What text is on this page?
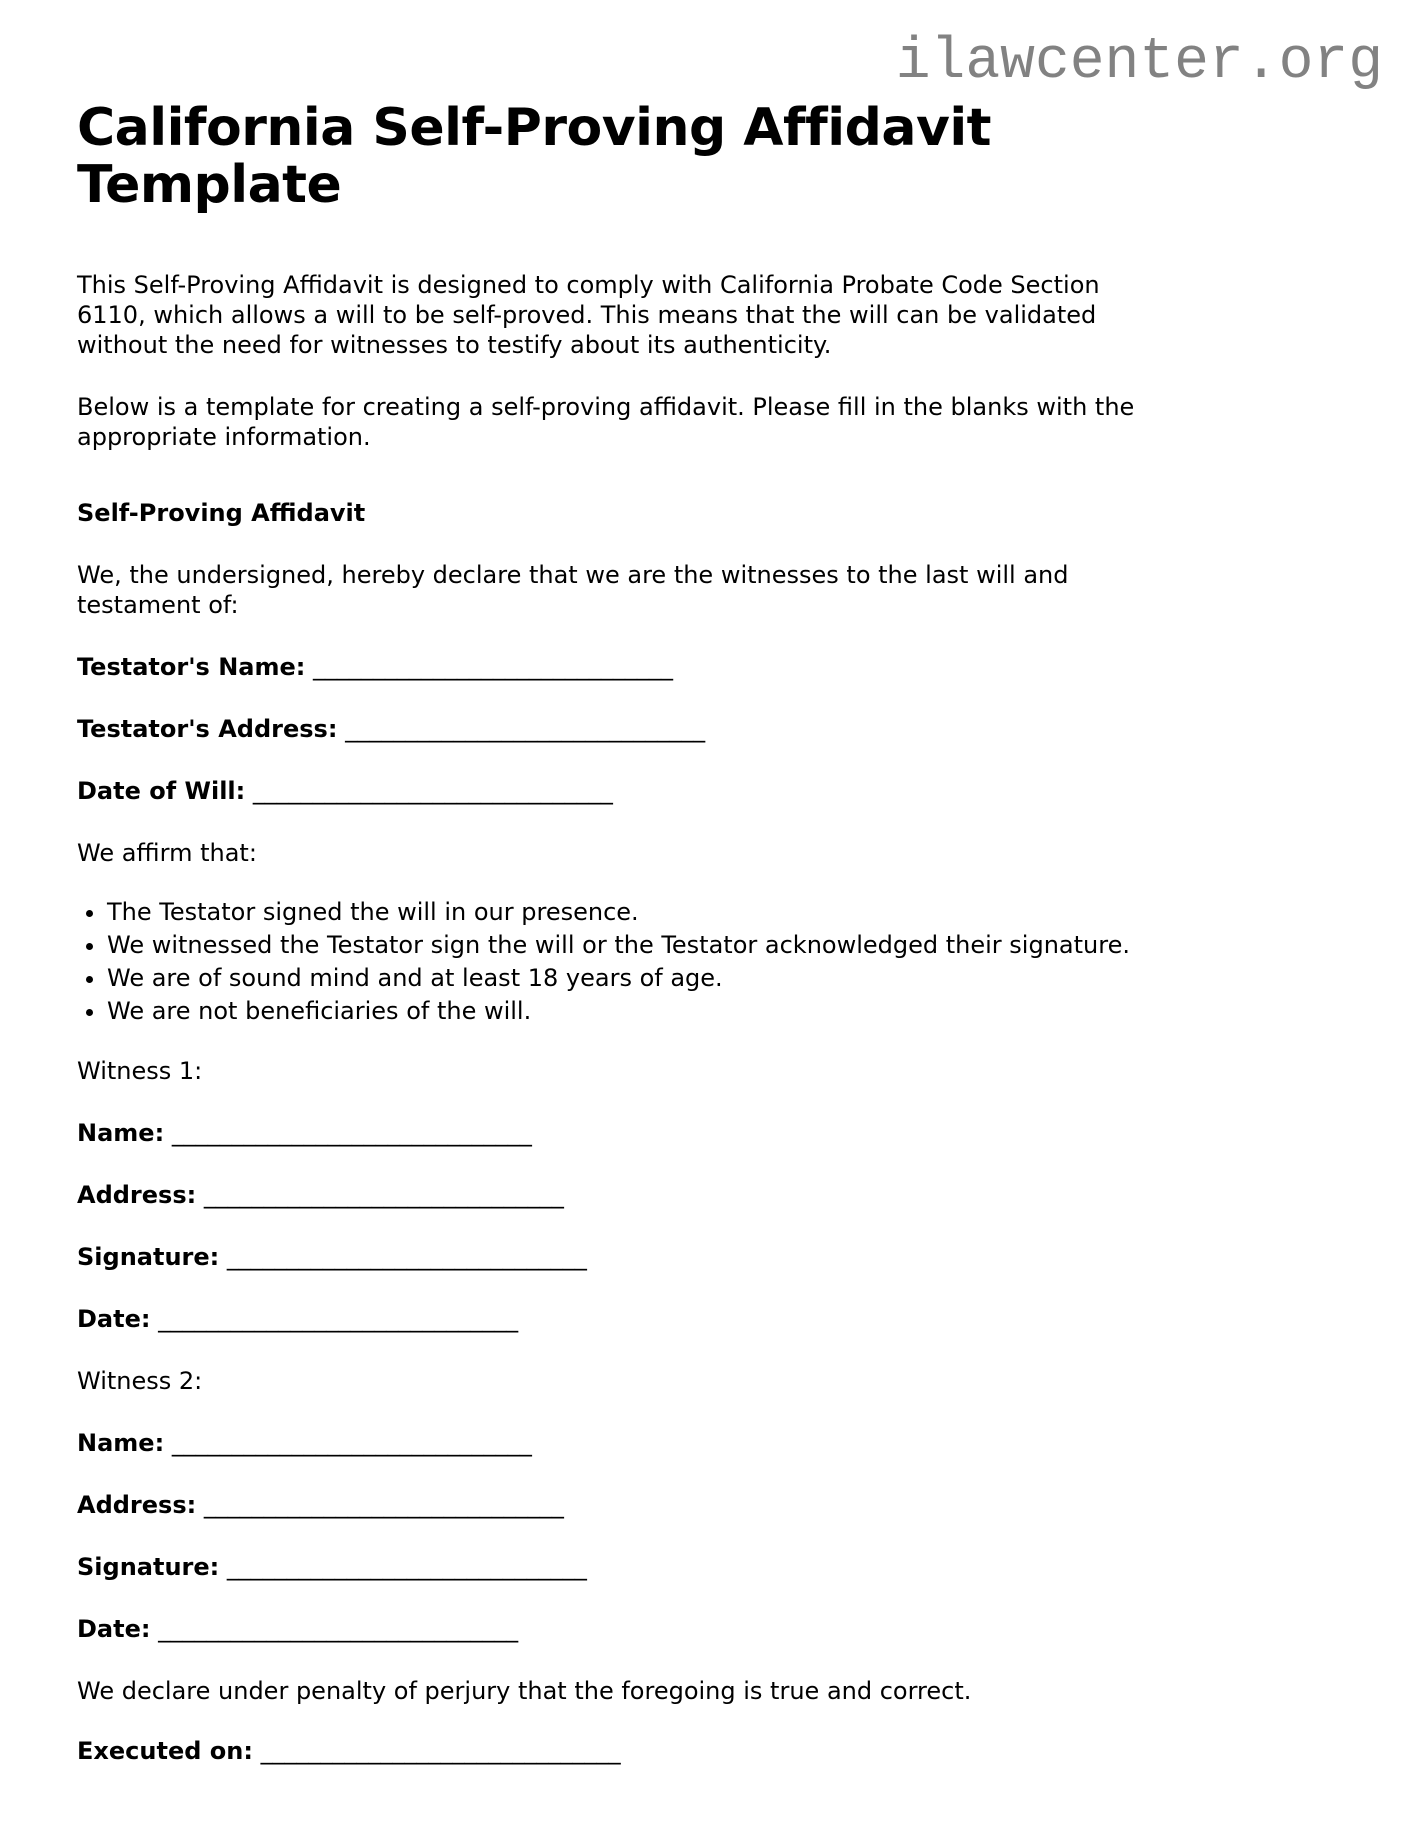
ilawcenter.org
California Self-Proving Affidavit
Template
This Self-Proving Affidavit is designed to comply with California Probate Code Section
6110, which allows a will to be self-proved. This means that the will can be validated
without the need for witnesses to testify about its authenticity.
Below is a template for creating a self-proving affidavit. Please fill in the blanks with the
appropriate information.
Self-Proving Affidavit
We, the undersigned, hereby declare that we are the witnesses to the last will and
testament of:
Testator's Name: ______________________________
Testator's Address: ______________________________
Date of Will: ______________________________
We affirm that:
• The Testator signed the will in our presence.
• We witnessed the Testator sign the will or the Testator acknowledged their signature.
• We are of sound mind and at least 18 years of age.
• We are not beneficiaries of the will.
Witness 1:
Name: ______________________________
Address: ______________________________
Signature: ______________________________
Date: ______________________________
Witness 2:
Name: ______________________________
Address: ______________________________
Signature: ______________________________
Date: ______________________________
We declare under penalty of perjury that the foregoing is true and correct.
Executed on: ______________________________
